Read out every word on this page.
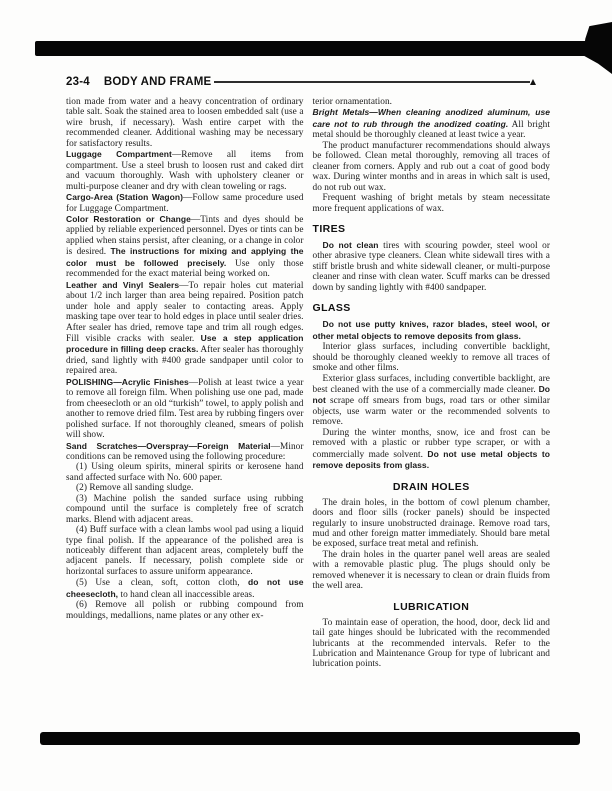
23-4 BODY AND FRAME

tion made from water and a heavy concentration of ordinary table salt. Soak the stained area to loosen embedded salt (use a wire brush, if necessary). Wash entire carpet with the recommended cleaner. Additional washing may be necessary for satisfactory results.

Luggage Compartment—Remove all items from compartment. Use a steel brush to loosen rust and caked dirt and vacuum thoroughly. Wash with upholstery cleaner or multi-purpose cleaner and dry with clean toweling or rags.

Cargo-Area (Station Wagon)—Follow same procedure used for Luggage Compartment.

Color Restoration or Change—Tints and dyes should be applied by reliable experienced personnel. Dyes or tints can be applied when stains persist, after cleaning, or a change in color is desired. The instructions for mixing and applying the color must be followed precisely. Use only those recommended for the exact material being worked on.

Leather and Vinyl Sealers—To repair holes cut material about 1/2 inch larger than area being repaired. Position patch under hole and apply sealer to contacting areas. Apply masking tape over tear to hold edges in place until sealer dries. After sealer has dried, remove tape and trim all rough edges. Fill visible cracks with sealer. Use a step application procedure in filling deep cracks. After sealer has thoroughly dried, sand lightly with #400 grade sandpaper until color to repaired area.

POLISHING—Acrylic Finishes—Polish at least twice a year to remove all foreign film. When polishing use one pad, made from cheesecloth or an old “turkish” towel, to apply polish and another to remove dried film. Test area by rubbing fingers over polished surface. If not thoroughly cleaned, smears of polish will show.

Sand Scratches—Overspray—Foreign Material—Minor conditions can be removed using the following procedure:

(1) Using oleum spirits, mineral spirits or kerosene hand sand affected surface with No. 600 paper.

(2) Remove all sanding sludge.

(3) Machine polish the sanded surface using rubbing compound until the surface is completely free of scratch marks. Blend with adjacent areas.

(4) Buff surface with a clean lambs wool pad using a liquid type final polish. If the appearance of the polished area is noticeably different than adjacent areas, completely buff the adjacent panels. If necessary, polish complete side or horizontal surfaces to assure uniform appearance.

(5) Use a clean, soft, cotton cloth, do not use cheesecloth, to hand clean all inaccessible areas.

(6) Remove all polish or rubbing compound from mouldings, medallions, name plates or any other ex-

terior ornamentation.

Bright Metals—When cleaning anodized aluminum, use care not to rub through the anodized coating. All bright metal should be thoroughly cleaned at least twice a year.

The product manufacturer recommendations should always be followed. Clean metal thoroughly, removing all traces of cleaner from corners. Apply and rub out a coat of good body wax. During winter months and in areas in which salt is used, do not rub out wax.

Frequent washing of bright metals by steam necessitate more frequent applications of wax.

TIRES

Do not clean tires with scouring powder, steel wool or other abrasive type cleaners. Clean white sidewall tires with a stiff bristle brush and white sidewall cleaner, or multi-purpose cleaner and rinse with clean water. Scuff marks can be dressed down by sanding lightly with #400 sandpaper.

GLASS

Do not use putty knives, razor blades, steel wool, or other metal objects to remove deposits from glass.

Interior glass surfaces, including convertible backlight, should be thoroughly cleaned weekly to remove all traces of smoke and other films.

Exterior glass surfaces, including convertible backlight, are best cleaned with the use of a commercially made cleaner. Do not scrape off smears from bugs, road tars or other similar objects, use warm water or the recommended solvents to remove.

During the winter months, snow, ice and frost can be removed with a plastic or rubber type scraper, or with a commercially made solvent. Do not use metal objects to remove deposits from glass.

DRAIN HOLES

The drain holes, in the bottom of cowl plenum chamber, doors and floor sills (rocker panels) should be inspected regularly to insure unobstructed drainage. Remove road tars, mud and other foreign matter immediately. Should bare metal be exposed, surface treat metal and refinish.

The drain holes in the quarter panel well areas are sealed with a removable plastic plug. The plugs should only be removed whenever it is necessary to clean or drain fluids from the well area.

LUBRICATION

To maintain ease of operation, the hood, door, deck lid and tail gate hinges should be lubricated with the recommended lubricants at the recommended intervals. Refer to the Lubrication and Maintenance Group for type of lubricant and lubrication points.
